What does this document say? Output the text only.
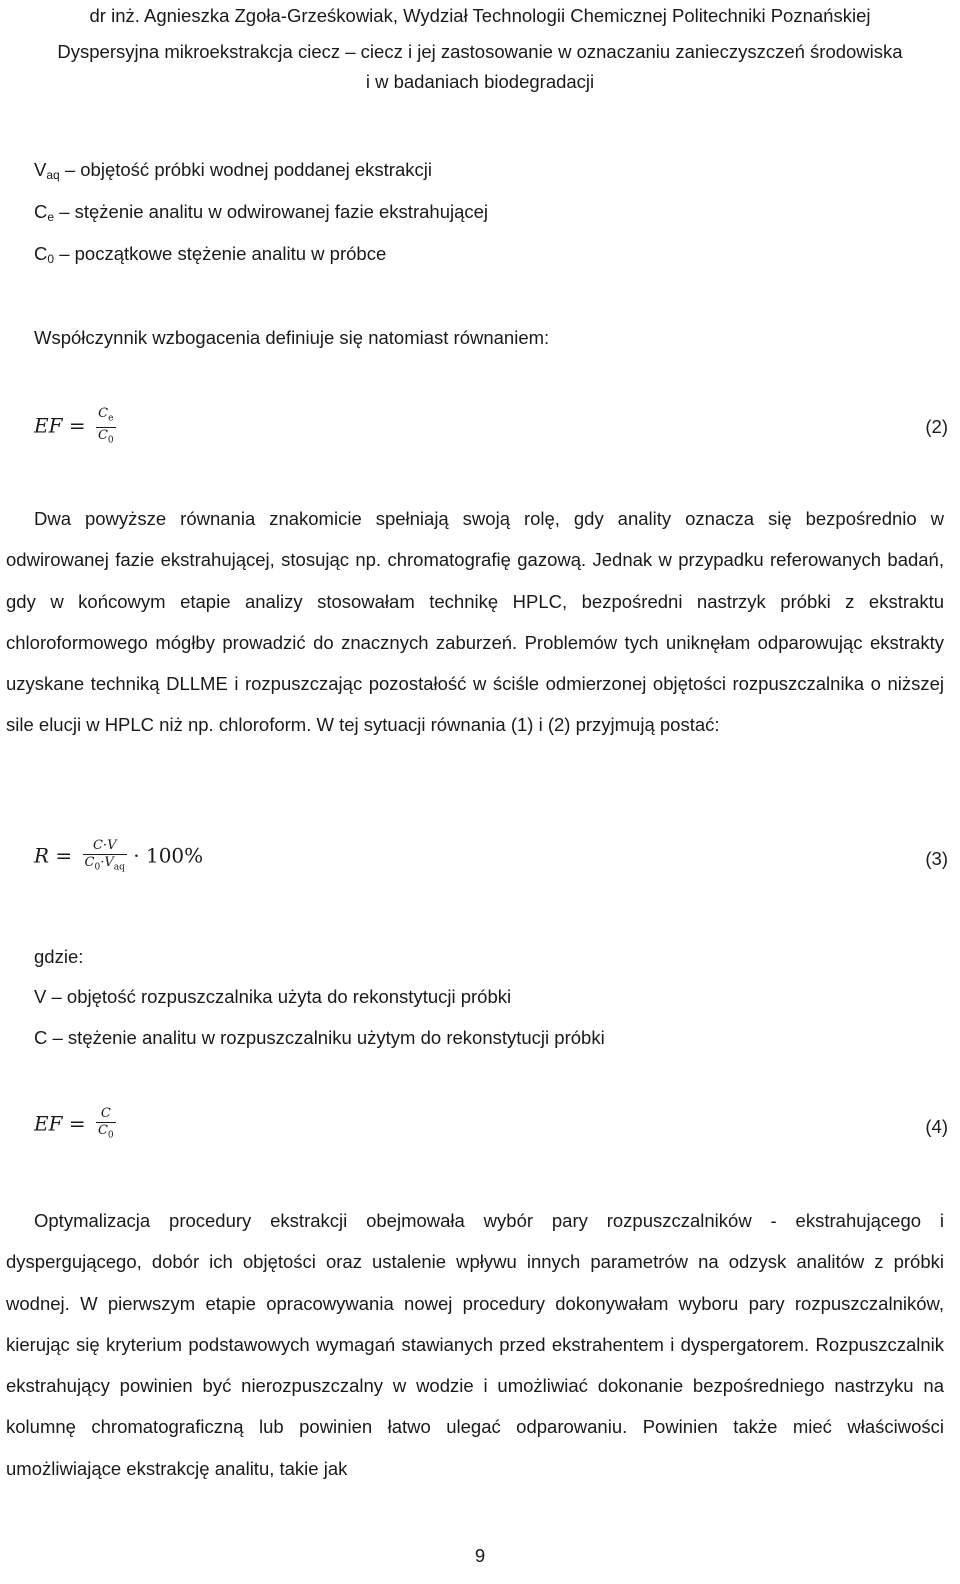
dr inż. Agnieszka Zgoła-Grześkowiak, Wydział Technologii Chemicznej Politechniki Poznańskiej
Dyspersyjna mikroekstrakcja ciecz – ciecz i jej zastosowanie w oznaczaniu zanieczyszczeń środowiska
i w badaniach biodegradacji
$V_{aq}$ – objętość próbki wodnej poddanej ekstrakcji
$C_e$ – stężenie analitu w odwirowanej fazie ekstrahującej
$C_0$ – początkowe stężenie analitu w próbce
Współczynnik wzbogacenia definiuje się natomiast równaniem:
EF = $\frac{C_e}{C_0}$	(2)
Dwa powyższe równania znakomicie spełniają swoją rolę, gdy anality oznacza się bezpośrednio w odwirowanej fazie ekstrahującej, stosując np. chromatografię gazową. Jednak w przypadku referowanych badań, gdy w końcowym etapie analizy stosowałam technikę HPLC, bezpośredni nastrzyk próbki z ekstraktu chloroformowego mógłby prowadzić do znacznych zaburzeń. Problemów tych uniknęłam odparowując ekstrakty uzyskane techniką DLLME i rozpuszczając pozostałość w ściśle odmierzonej objętości rozpuszczalnika o niższej sile elucji w HPLC niż np. chloroform. W tej sytuacji równania (1) i (2) przyjmują postać:
$R = \frac{C\cdot V}{C_0\cdot V_{aq}} \cdot 100\%$	(3)
gdzie:
V – objętość rozpuszczalnika użyta do rekonstytucji próbki
C – stężenie analitu w rozpuszczalniku użytym do rekonstytucji próbki
EF = $\frac{C}{C_0}$	(4)
Optymalizacja procedury ekstrakcji obejmowała wybór pary rozpuszczalników - ekstrahującego i dyspergującego, dobór ich objętości oraz ustalenie wpływu innych parametrów na odzysk analitów z próbki wodnej. W pierwszym etapie opracowywania nowej procedury dokonywałam wyboru pary rozpuszczalników, kierując się kryterium podstawowych wymagań stawianych przed ekstrahentem i dyspergatorem. Rozpuszczalnik ekstrahujący powinien być nierozpuszczalny w wodzie i umożliwiać dokonanie bezpośredniego nastrzyku na kolumnę chromatograficzną lub powinien łatwo ulegać odparowaniu. Powinien także mieć właściwości umożliwiające ekstrakcję analitu, takie jak
9
